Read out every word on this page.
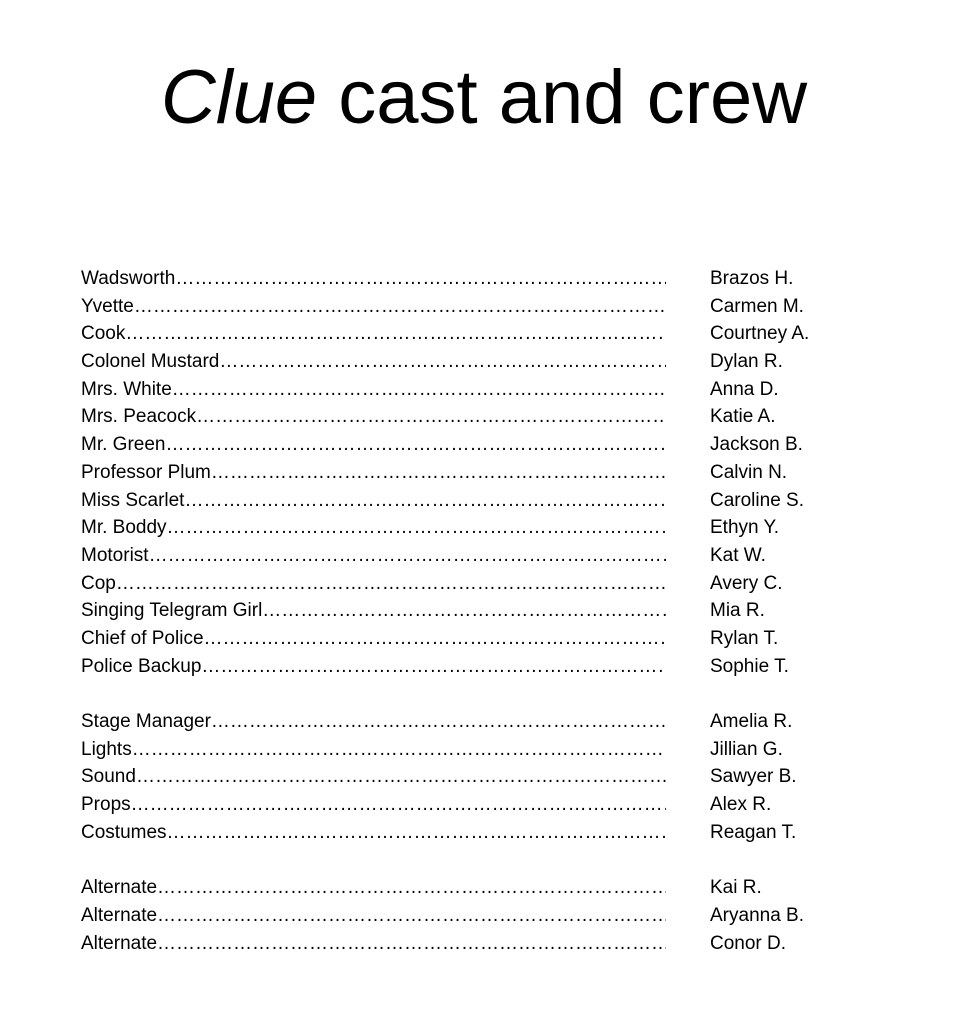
Clue cast and crew
Wadsworth ………………………………………………………………………………………………………………………………	Brazos H.
Yvette ………………………………………………………………………………………………………………………………	Carmen M.
Cook ………………………………………………………………………………………………………………………………	Courtney A.
Colonel Mustard ………………………………………………………………………………………………………………………………	Dylan R.
Mrs. White ………………………………………………………………………………………………………………………………	Anna D.
Mrs. Peacock ………………………………………………………………………………………………………………………………	Katie A.
Mr. Green ………………………………………………………………………………………………………………………………	Jackson B.
Professor Plum ………………………………………………………………………………………………………………………………	Calvin N.
Miss Scarlet ………………………………………………………………………………………………………………………………	Caroline S.
Mr. Boddy ………………………………………………………………………………………………………………………………	Ethyn Y.
Motorist ………………………………………………………………………………………………………………………………	Kat W.
Cop ………………………………………………………………………………………………………………………………	Avery C.
Singing Telegram Girl ………………………………………………………………………………………………………………………………	Mia R.
Chief of Police ………………………………………………………………………………………………………………………………	Rylan T.
Police Backup ………………………………………………………………………………………………………………………………	Sophie T.
Stage Manager ………………………………………………………………………………………………………………………………	Amelia R.
Lights ………………………………………………………………………………………………………………………………	Jillian G.
Sound ………………………………………………………………………………………………………………………………	Sawyer B.
Props ………………………………………………………………………………………………………………………………	Alex R.
Costumes ………………………………………………………………………………………………………………………………	Reagan T.
Alternate ………………………………………………………………………………………………………………………………	Kai R.
Alternate ………………………………………………………………………………………………………………………………	Aryanna B.
Alternate ………………………………………………………………………………………………………………………………	Conor D.
